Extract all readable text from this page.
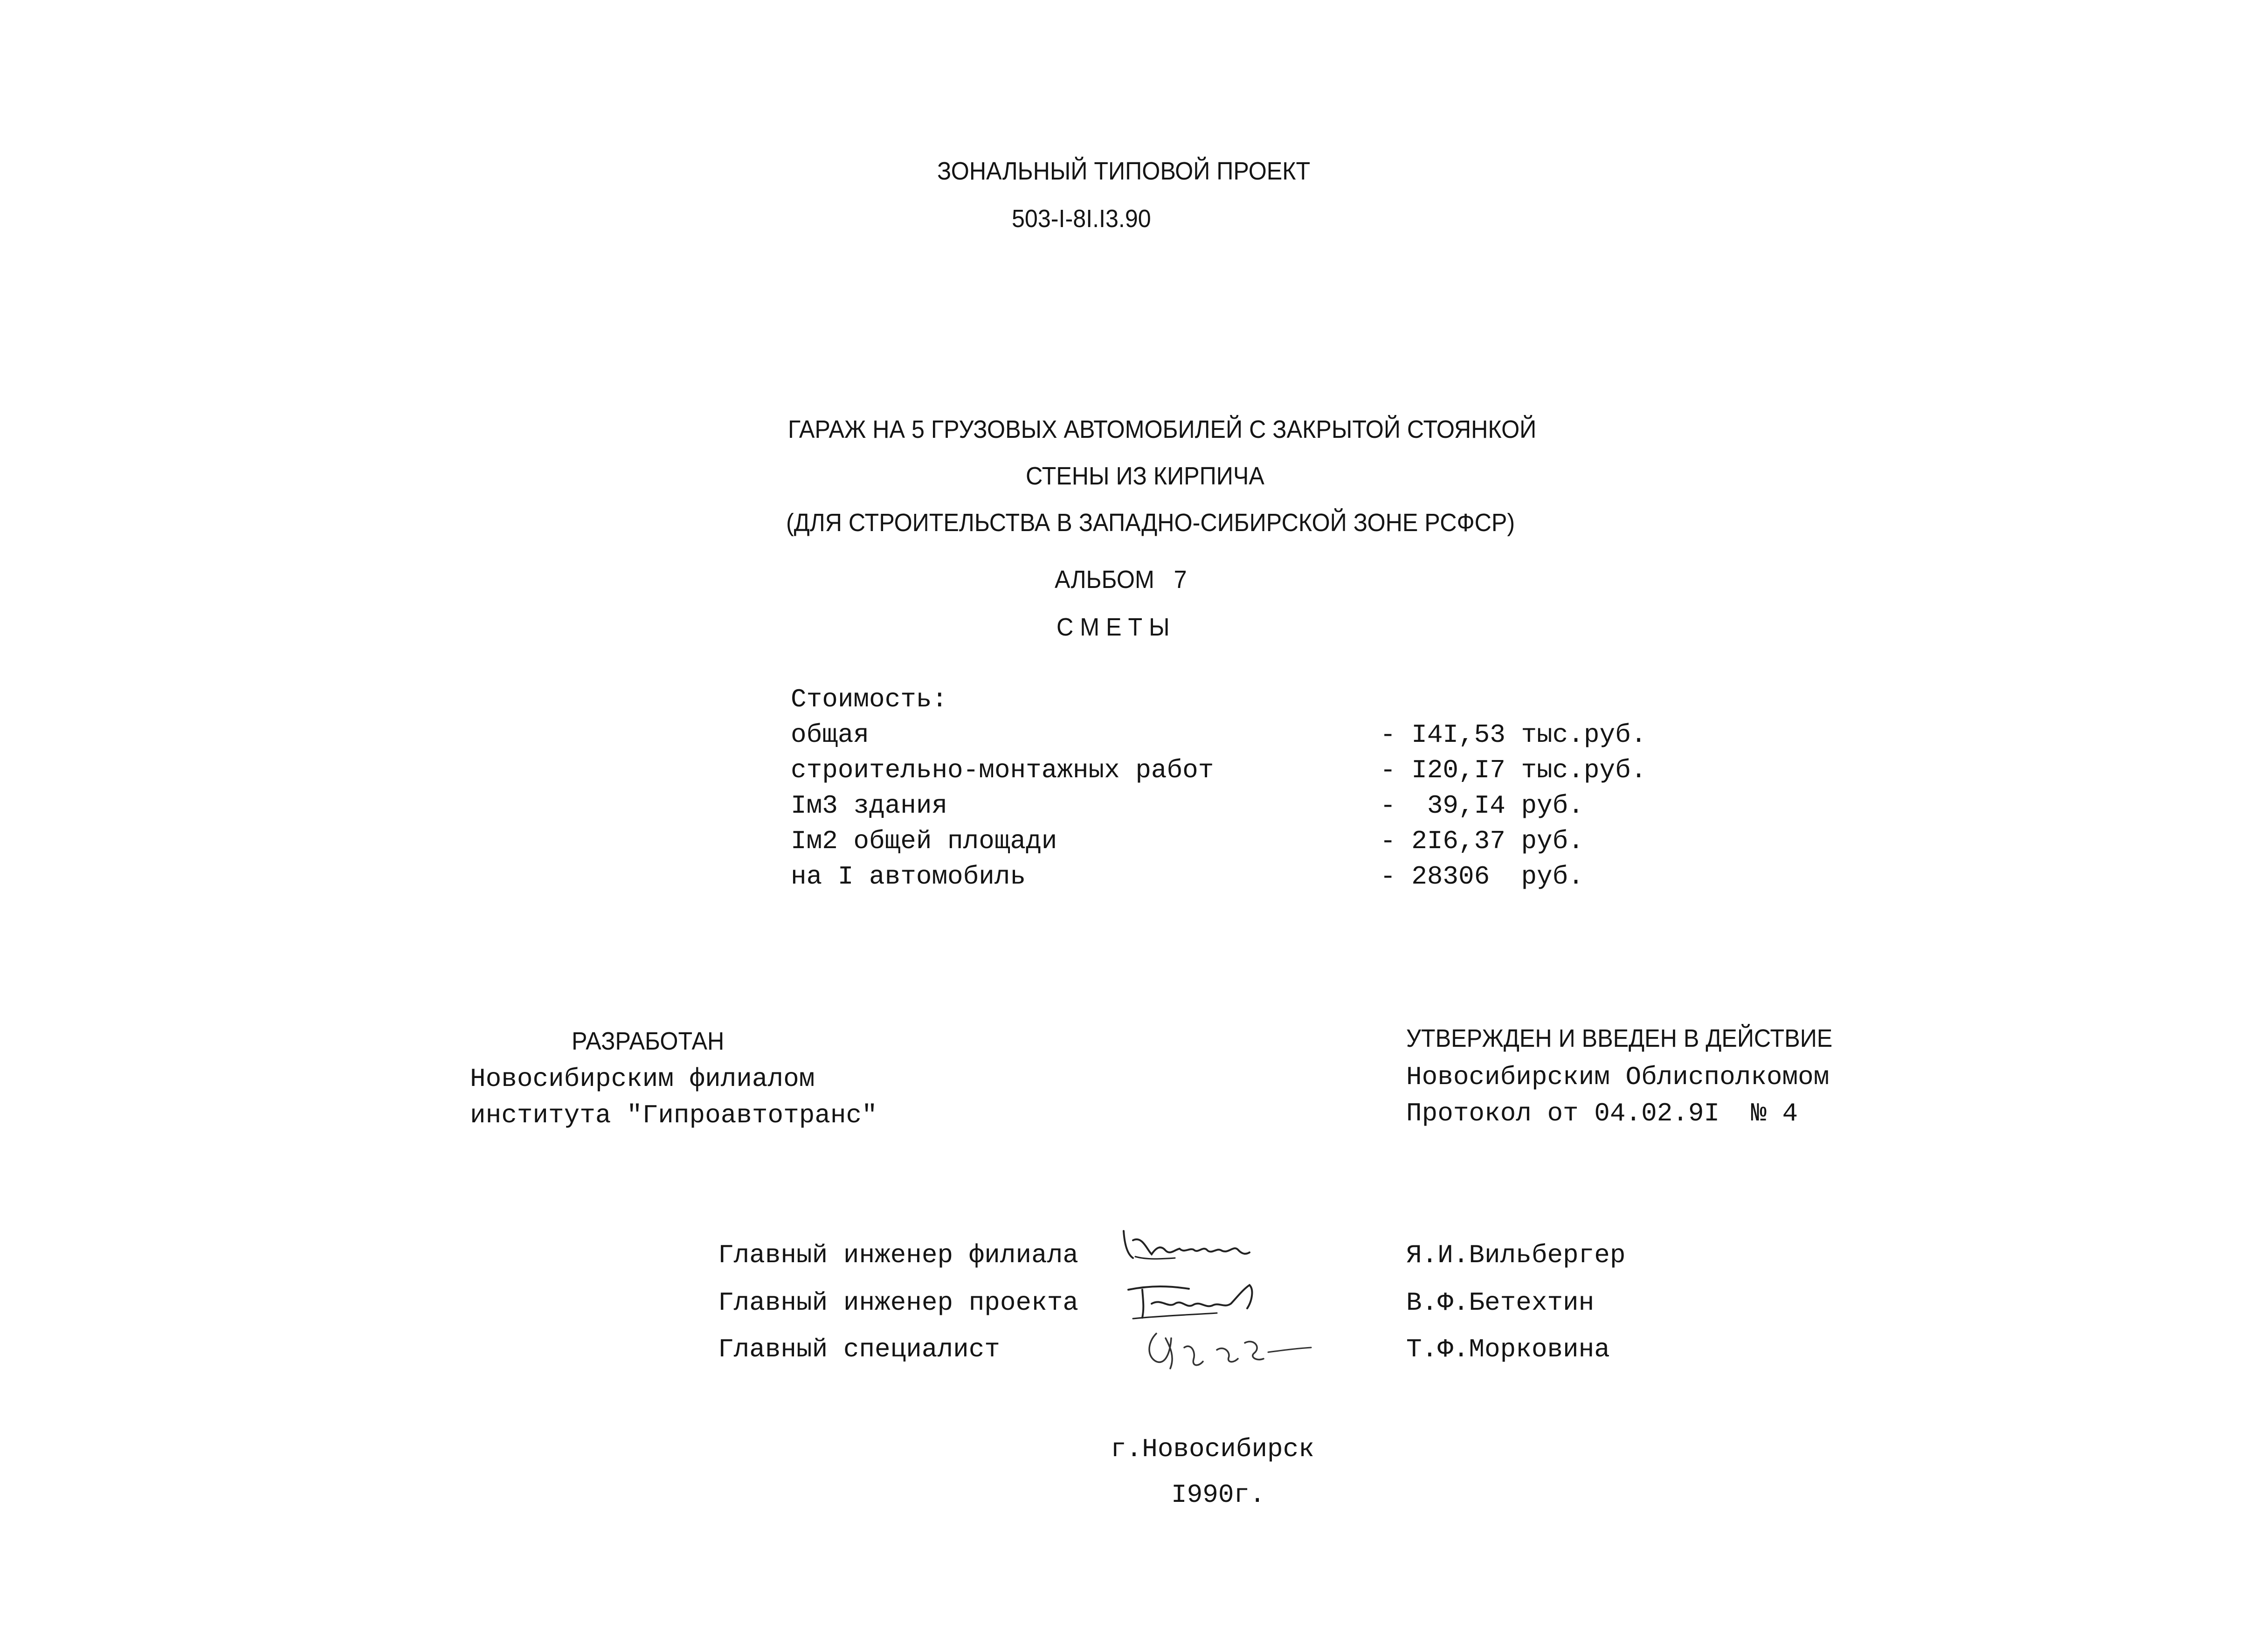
ЗОНАЛЬНЫЙ ТИПОВОЙ ПРОЕКТ
503-I-8I.I3.90
ГАРАЖ НА 5 ГРУЗОВЫХ АВТОМОБИЛЕЙ С ЗАКРЫТОЙ СТОЯНКОЙ
СТЕНЫ ИЗ КИРПИЧА
(ДЛЯ СТРОИТЕЛЬСТВА В ЗАПАДНО-СИБИРСКОЙ ЗОНЕ РСФСР)
АЛЬБОМ   7
С М Е Т Ы
Стоимость:
общая	- I4I,53 тыс.руб.
строительно-монтажных работ	- I20,I7 тыс.руб.
Iм3 здания	-  39,I4 руб.
Iм2 общей площади	- 2I6,37 руб.
на I автомобиль	- 28306  руб.
РАЗРАБОТАН
Новосибирским филиалом
института "Гипроавтотранс"
УТВЕРЖДЕН И ВВЕДЕН В ДЕЙСТВИЕ
Новосибирским Облисполкомом
Протокол от 04.02.9I  № 4
Главный инженер филиала	Я.И.Вильбергер
Главный инженер проекта	В.Ф.Бетехтин
Главный специалист	Т.Ф.Морковина
г.Новосибирск
I990г.
